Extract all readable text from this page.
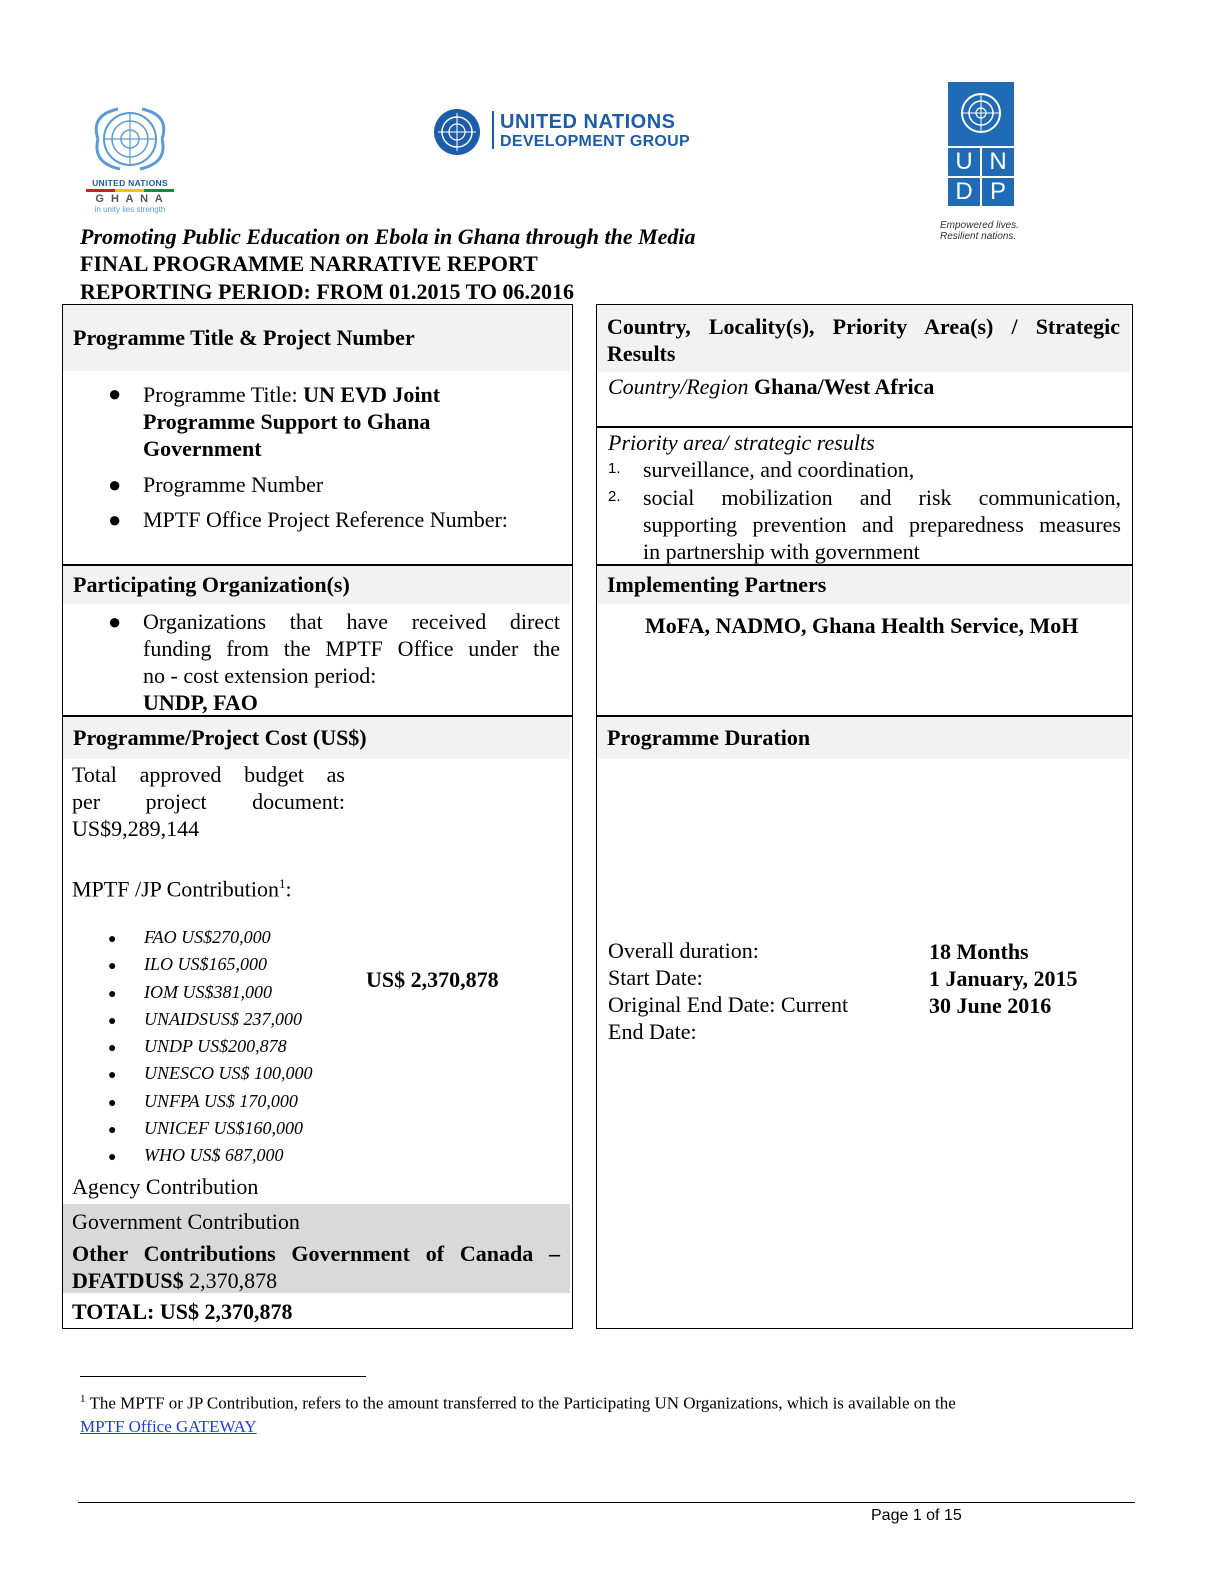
UNITED NATIONS
G H A N A
in unity lies strength
UNITED NATIONS
DEVELOPMENT GROUP
U N
D P
Empowered lives.
Resilient nations.
Promoting Public Education on Ebola in Ghana through the Media
FINAL PROGRAMME NARRATIVE REPORT
REPORTING PERIOD: FROM 01.2015 TO 06.2016
Programme Title & Project Number
● Programme Title: UN EVD Joint
Programme Support to Ghana
Government
● Programme Number
● MPTF Office Project Reference Number:
Participating Organization(s)
● Organizations that have received direct
funding from the MPTF Office under the
no - cost extension period:
UNDP, FAO
Programme/Project Cost (US$)
Total approved budget as
per project document:
US$9,289,144
MPTF /JP Contribution$^1$:
● FAO US$270,000
● ILO US$165,000
● IOM US$381,000
● UNAIDSUS$ 237,000
● UNDP US$200,878
● UNESCO US$ 100,000
● UNFPA US$ 170,000
● UNICEF US$160,000
● WHO US$ 687,000
US$ 2,370,878
Agency Contribution
Government Contribution
Other Contributions Government of Canada –
DFATDUS$ 2,370,878
TOTAL: US$ 2,370,878
Country, Locality(s), Priority Area(s) / Strategic
Results
Country/Region Ghana/West Africa
Priority area/ strategic results
1. surveillance, and coordination,
2. social mobilization and risk communication,
supporting prevention and preparedness measures
in partnership with government
Implementing Partners
MoFA, NADMO, Ghana Health Service, MoH
Programme Duration
Overall duration:
Start Date:
Original End Date: Current
End Date:
18 Months
1 January, 2015
30 June 2016
$^1$ The MPTF or JP Contribution, refers to the amount transferred to the Participating UN Organizations, which is available on the
MPTF Office GATEWAY
Page 1 of 15
